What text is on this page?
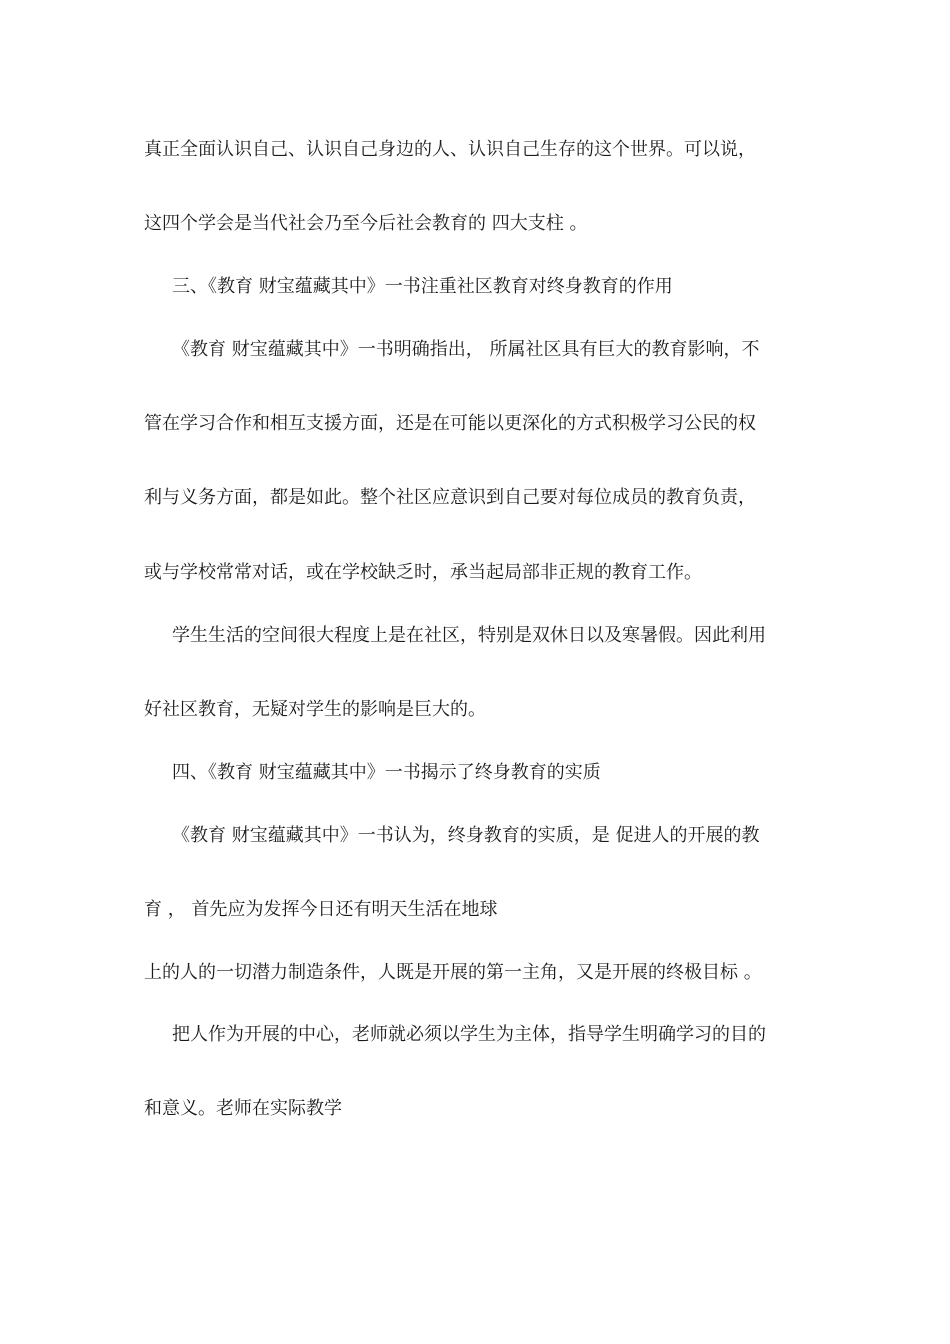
真正全面认识自己、认识自己身边的人、认识自己生存的这个世界。可以说，
这四个学会是当代社会乃至今后社会教育的 四大支柱 。
三、《教育 财宝蕴藏其中》一书注重社区教育对终身教育的作用
《教育 财宝蕴藏其中》一书明确指出， 所属社区具有巨大的教育影响，不
管在学习合作和相互支援方面，还是在可能以更深化的方式积极学习公民的权
利与义务方面，都是如此。整个社区应意识到自己要对每位成员的教育负责，
或与学校常常对话，或在学校缺乏时，承当起局部非正规的教育工作。
学生生活的空间很大程度上是在社区，特别是双休日以及寒暑假。因此利用
好社区教育，无疑对学生的影响是巨大的。
四、《教育 财宝蕴藏其中》一书揭示了终身教育的实质
《教育 财宝蕴藏其中》一书认为，终身教育的实质，是 促进人的开展的教
育 ， 首先应为发挥今日还有明天生活在地球
上的人的一切潜力制造条件，人既是开展的第一主角，又是开展的终极目标 。
把人作为开展的中心，老师就必须以学生为主体，指导学生明确学习的目的
和意义。老师在实际教学
